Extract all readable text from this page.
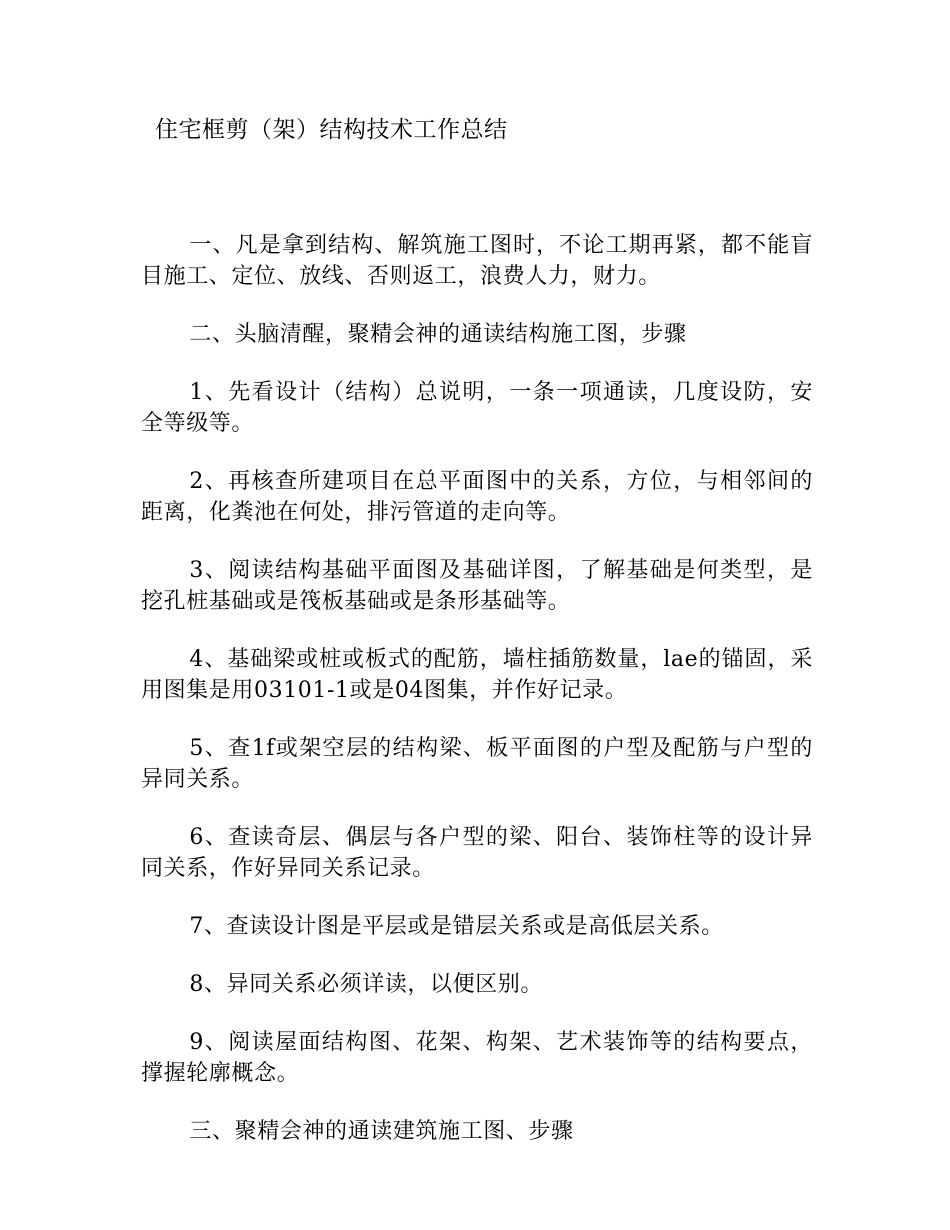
住宅框剪（架）结构技术工作总结

一、凡是拿到结构、解筑施工图时，不论工期再紧，都不能盲目施工、定位、放线、否则返工，浪费人力，财力。

二、头脑清醒，聚精会神的通读结构施工图，步骤

1、先看设计（结构）总说明，一条一项通读，几度设防，安全等级等。

2、再核查所建项目在总平面图中的关系，方位，与相邻间的距离，化粪池在何处，排污管道的走向等。

3、阅读结构基础平面图及基础详图，了解基础是何类型，是挖孔桩基础或是筏板基础或是条形基础等。

4、基础梁或桩或板式的配筋，墙柱插筋数量，lae的锚固，采用图集是用03101-1或是04图集，并作好记录。

5、查1f或架空层的结构梁、板平面图的户型及配筋与户型的异同关系。

6、查读奇层、偶层与各户型的梁、阳台、装饰柱等的设计异同关系，作好异同关系记录。

7、查读设计图是平层或是错层关系或是高低层关系。

8、异同关系必须详读，以便区别。

9、阅读屋面结构图、花架、构架、艺术装饰等的结构要点，撑握轮廓概念。

三、聚精会神的通读建筑施工图、步骤
